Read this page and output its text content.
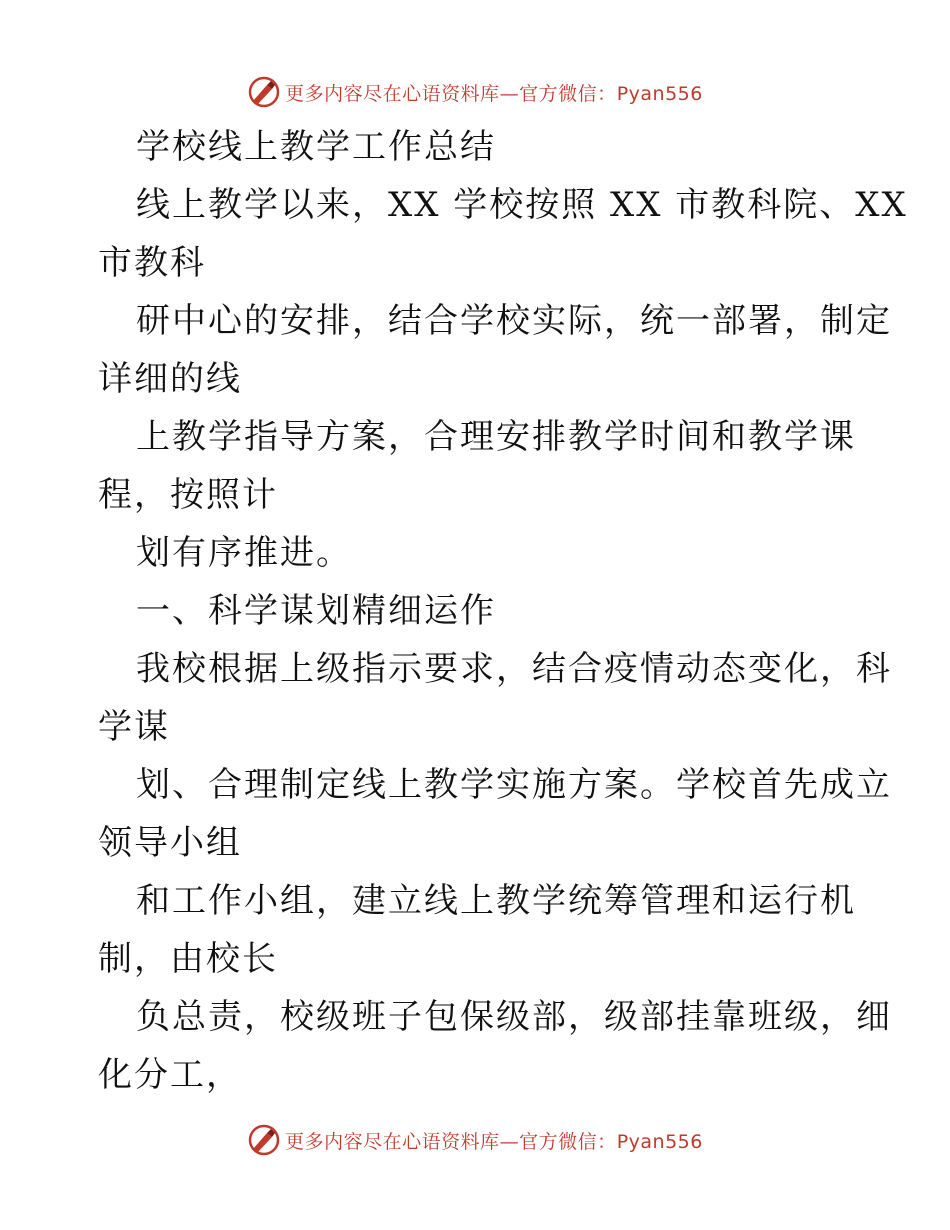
更多内容尽在心语资料库—官方微信：Pyan556
学校线上教学工作总结
线上教学以来，XX 学校按照 XX 市教科院、XX
市教科
研中心的安排，结合学校实际，统一部署，制定
详细的线
上教学指导方案，合理安排教学时间和教学课
程，按照计
划有序推进。
一、科学谋划精细运作
我校根据上级指示要求，结合疫情动态变化，科
学谋
划、合理制定线上教学实施方案。学校首先成立
领导小组
和工作小组，建立线上教学统筹管理和运行机
制，由校长
负总责，校级班子包保级部，级部挂靠班级，细
化分工，
更多内容尽在心语资料库—官方微信：Pyan556
